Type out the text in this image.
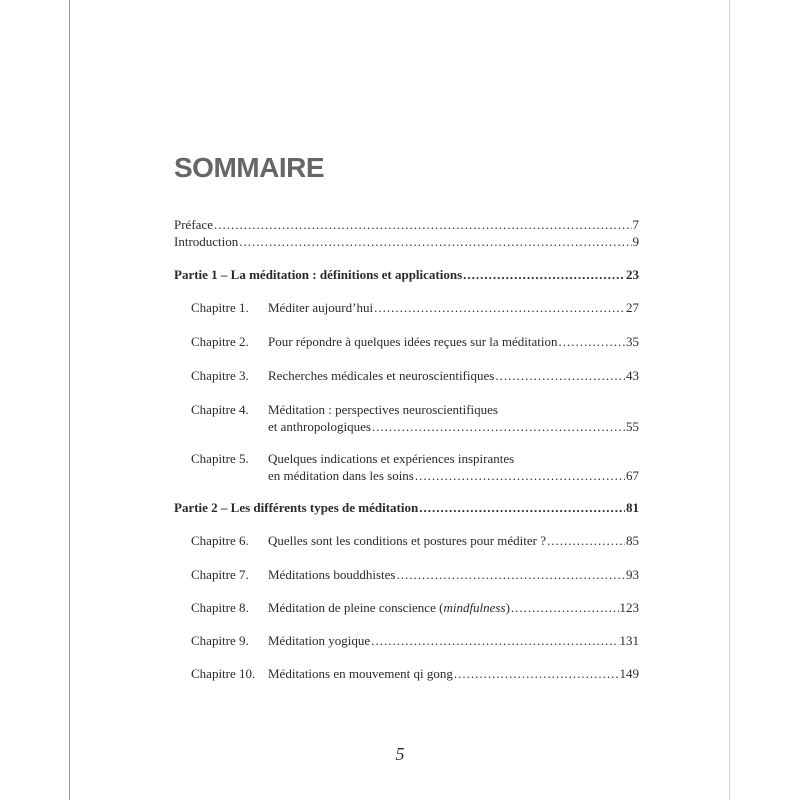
SOMMAIRE
Préface .....	7
Introduction .....	9
Partie 1 – La méditation : définitions et applications .....	23
Chapitre 1.	Méditer aujourd’hui .....	27
Chapitre 2.	Pour répondre à quelques idées reçues sur la méditation .....	35
Chapitre 3.	Recherches médicales et neuroscientifiques .....	43
Chapitre 4.	Méditation : perspectives neuroscientifiques
et anthropologiques .....	55
Chapitre 5.	Quelques indications et expériences inspirantes
en méditation dans les soins .....	67
Partie 2 – Les différents types de méditation .....	81
Chapitre 6.	Quelles sont les conditions et postures pour méditer ? .....	85
Chapitre 7.	Méditations bouddhistes .....	93
Chapitre 8.	Méditation de pleine conscience (mindfulness) .....	123
Chapitre 9.	Méditation yogique .....	131
Chapitre 10. Méditations en mouvement qi gong .....	149
5
